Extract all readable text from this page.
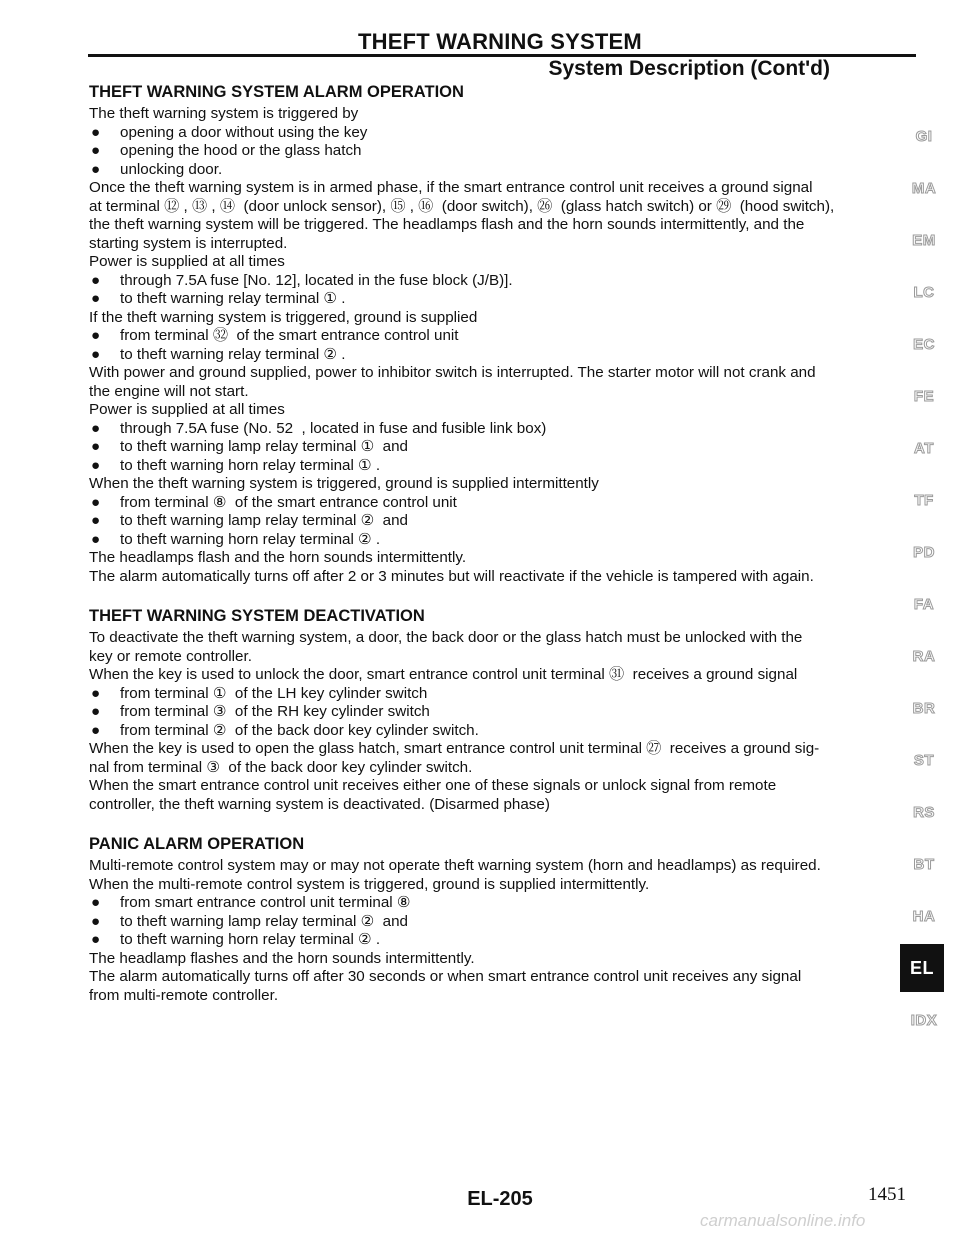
THEFT WARNING SYSTEM
System Description (Cont'd)
THEFT WARNING SYSTEM ALARM OPERATION
The theft warning system is triggered by
● opening a door without using the key
● opening the hood or the glass hatch
● unlocking door.
Once the theft warning system is in armed phase, if the smart entrance control unit receives a ground signal
at terminal ⑫ , ⑬ , ⑭  (door unlock sensor), ⑮ , ⑯  (door switch), ㉖  (glass hatch switch) or ㉙  (hood switch),
the theft warning system will be triggered. The headlamps flash and the horn sounds intermittently, and the
starting system is interrupted.
Power is supplied at all times
● through 7.5A fuse [No. 12], located in the fuse block (J/B)].
● to theft warning relay terminal ① .
If the theft warning system is triggered, ground is supplied
● from terminal ㉜  of the smart entrance control unit
● to theft warning relay terminal ② .
With power and ground supplied, power to inhibitor switch is interrupted. The starter motor will not crank and
the engine will not start.
Power is supplied at all times
● through 7.5A fuse (No. 52  , located in fuse and fusible link box)
● to theft warning lamp relay terminal ①  and
● to theft warning horn relay terminal ① .
When the theft warning system is triggered, ground is supplied intermittently
● from terminal ⑧  of the smart entrance control unit
● to theft warning lamp relay terminal ②  and
● to theft warning horn relay terminal ② .
The headlamps flash and the horn sounds intermittently.
The alarm automatically turns off after 2 or 3 minutes but will reactivate if the vehicle is tampered with again.
THEFT WARNING SYSTEM DEACTIVATION
To deactivate the theft warning system, a door, the back door or the glass hatch must be unlocked with the
key or remote controller.
When the key is used to unlock the door, smart entrance control unit terminal ㉛  receives a ground signal
● from terminal ①  of the LH key cylinder switch
● from terminal ③  of the RH key cylinder switch
● from terminal ②  of the back door key cylinder switch.
When the key is used to open the glass hatch, smart entrance control unit terminal ㉗  receives a ground sig-
nal from terminal ③  of the back door key cylinder switch.
When the smart entrance control unit receives either one of these signals or unlock signal from remote
controller, the theft warning system is deactivated. (Disarmed phase)
PANIC ALARM OPERATION
Multi-remote control system may or may not operate theft warning system (horn and headlamps) as required.
When the multi-remote control system is triggered, ground is supplied intermittently.
● from smart entrance control unit terminal ⑧
● to theft warning lamp relay terminal ②  and
● to theft warning horn relay terminal ② .
The headlamp flashes and the horn sounds intermittently.
The alarm automatically turns off after 30 seconds or when smart entrance control unit receives any signal
from multi-remote controller.
GI
MA
EM
LC
EC
FE
AT
TF
PD
FA
RA
BR
ST
RS
BT
HA
EL
IDX
EL-205	1451
carmanualsonline.info
